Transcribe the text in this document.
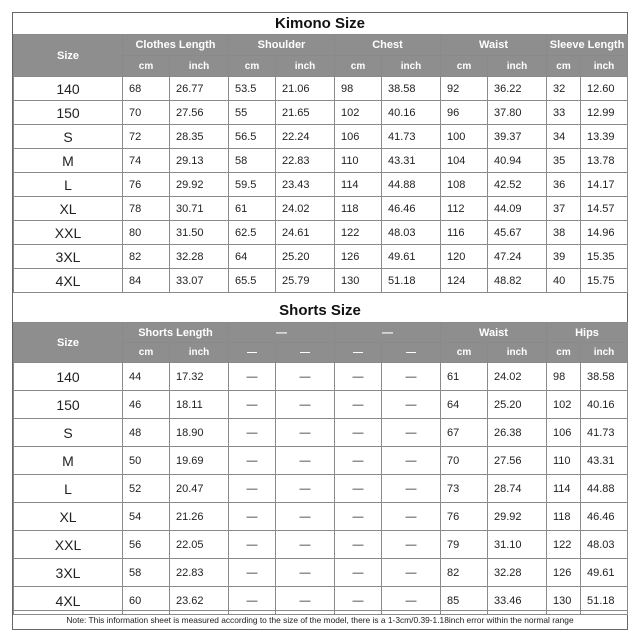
Kimono Size
Size	Clothes Length		Shoulder		Chest		Waist		Sleeve Length	
	cm	inch	cm	inch	cm	inch	cm	inch	cm	inch
140	68	26.77	53.5	21.06	98	38.58	92	36.22	32	12.60
150	70	27.56	55	21.65	102	40.16	96	37.80	33	12.99
S	72	28.35	56.5	22.24	106	41.73	100	39.37	34	13.39
M	74	29.13	58	22.83	110	43.31	104	40.94	35	13.78
L	76	29.92	59.5	23.43	114	44.88	108	42.52	36	14.17
XL	78	30.71	61	24.02	118	46.46	112	44.09	37	14.57
XXL	80	31.50	62.5	24.61	122	48.03	116	45.67	38	14.96
3XL	82	32.28	64	25.20	126	49.61	120	47.24	39	15.35
4XL	84	33.07	65.5	25.79	130	51.18	124	48.82	40	15.75
Shorts Size
Size	Shorts Length		—		—		Waist		Hips	
	cm	inch	—	—	—	—	cm	inch	cm	inch
140	44	17.32	—	—	—	—	61	24.02	98	38.58
150	46	18.11	—	—	—	—	64	25.20	102	40.16
S	48	18.90	—	—	—	—	67	26.38	106	41.73
M	50	19.69	—	—	—	—	70	27.56	110	43.31
L	52	20.47	—	—	—	—	73	28.74	114	44.88
XL	54	21.26	—	—	—	—	76	29.92	118	46.46
XXL	56	22.05	—	—	—	—	79	31.10	122	48.03
3XL	58	22.83	—	—	—	—	82	32.28	126	49.61
4XL	60	23.62	—	—	—	—	85	33.46	130	51.18
Note: This information sheet is measured according to the size of the model, there is a 1-3cm/0.39-1.18inch error within the normal range
